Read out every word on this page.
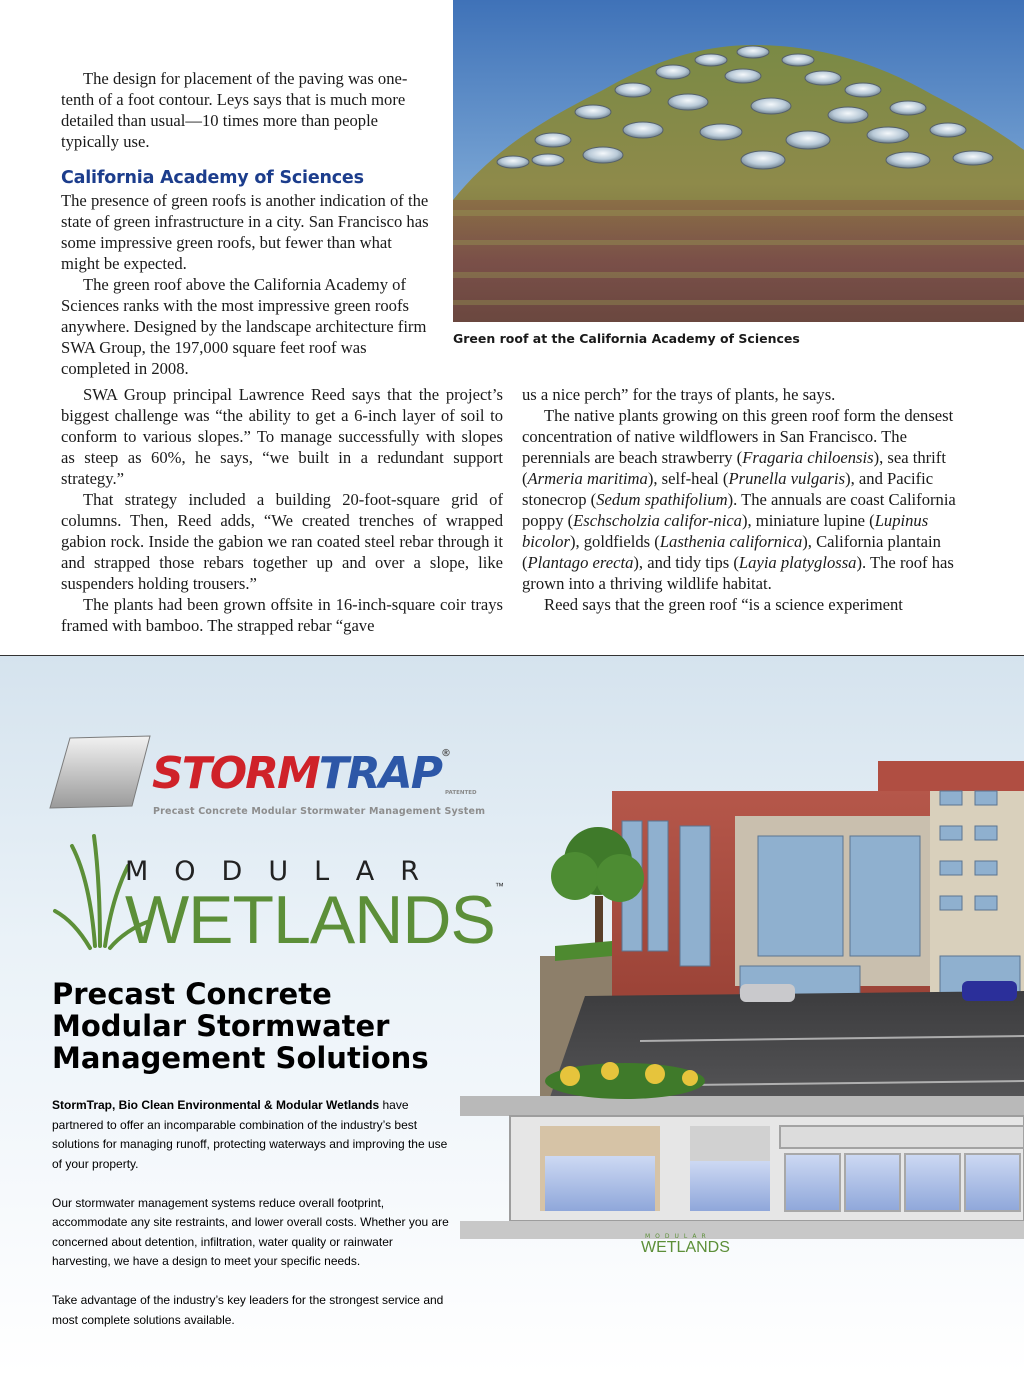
The design for placement of the paving was one-tenth of a foot contour. Leys says that is much more detailed than usual—10 times more than people typically use.

California Academy of Sciences

The presence of green roofs is another indication of the state of green infrastructure in a city. San Francisco has some impressive green roofs, but fewer than what might be expected.

The green roof above the California Academy of Sciences ranks with the most impressive green roofs anywhere. Designed by the landscape architecture firm SWA Group, the 197,000 square feet roof was completed in 2008.

Green roof at the California Academy of Sciences

SWA Group principal Lawrence Reed says that the project’s biggest challenge was “the ability to get a 6-inch layer of soil to conform to various slopes.” To manage successfully with slopes as steep as 60%, he says, “we built in a redundant support strategy.”

That strategy included a building 20-foot-square grid of columns. Then, Reed adds, “We created trenches of wrapped gabion rock. Inside the gabion we ran coated steel rebar through it and strapped those rebars together up and over a slope, like suspenders holding trousers.”

The plants had been grown offsite in 16-inch-square coir trays framed with bamboo. The strapped rebar “gave

us a nice perch” for the trays of plants, he says.

The native plants growing on this green roof form the densest concentration of native wildflowers in San Francisco. The perennials are beach strawberry (Fragaria chiloensis), sea thrift (Armeria maritima), self-heal (Prunella vulgaris), and Pacific stonecrop (Sedum spathifolium). The annuals are coast California poppy (Eschscholzia califor-nica), miniature lupine (Lupinus bicolor), goldfields (Lasthenia californica), California plantain (Plantago erecta), and tidy tips (Layia platyglossa). The roof has grown into a thriving wildlife habitat.

Reed says that the green roof “is a science experiment

STORMTRAP®
PATENTED
Precast Concrete Modular Stormwater Management System
MODULAR
WETLANDS™
Precast Concrete
Modular Stormwater
Management Solutions

StormTrap, Bio Clean Environmental & Modular Wetlands have partnered to offer an incomparable combination of the industry’s best solutions for managing runoff, protecting waterways and improving the use of your property.

Our stormwater management systems reduce overall footprint, accommodate any site restraints, and lower overall costs. Whether you are concerned about detention, infiltration, water quality or rainwater harvesting, we have a design to meet your specific needs.

Take advantage of the industry’s key leaders for the strongest service and most complete solutions available.

MODULAR
WETLANDS
